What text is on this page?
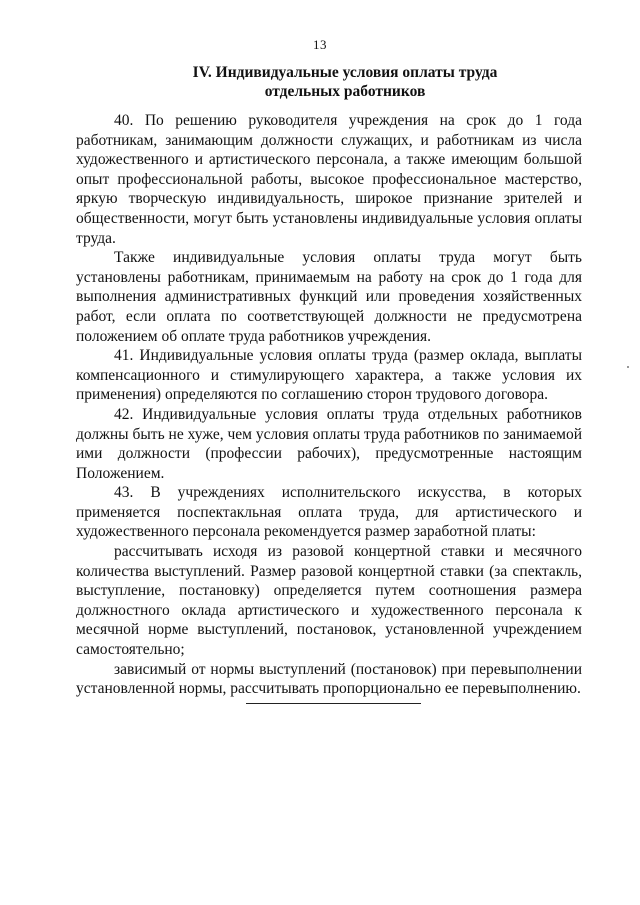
13
IV. Индивидуальные условия оплаты труда
отдельных работников

40. По решению руководителя учреждения на срок до 1 года работникам, занимающим должности служащих, и работникам из числа художественного и артистического персонала, а также имеющим большой опыт профессиональной работы, высокое профессиональное мастерство, яркую творческую индивидуальность, широкое признание зрителей и общественности, могут быть установлены индивидуальные условия оплаты труда.

Также индивидуальные условия оплаты труда могут быть установлены работникам, принимаемым на работу на срок до 1 года для выполнения административных функций или проведения хозяйственных работ, если оплата по соответствующей должности не предусмотрена положением об оплате труда работников учреждения.

41. Индивидуальные условия оплаты труда (размер оклада, выплаты компенсационного и стимулирующего характера, а также условия их применения) определяются по соглашению сторон трудового договора.

42. Индивидуальные условия оплаты труда отдельных работников должны быть не хуже, чем условия оплаты труда работников по занимаемой ими должности (профессии рабочих), предусмотренные настоящим Положением.

43. В учреждениях исполнительского искусства, в которых применяется поспектакльная оплата труда, для артистического и художественного персонала рекомендуется размер заработной платы:

рассчитывать исходя из разовой концертной ставки и месячного количества выступлений. Размер разовой концертной ставки (за спектакль, выступление, постановку) определяется путем соотношения размера должностного оклада артистического и художественного персонала к месячной норме выступлений, постановок, установленной учреждением самостоятельно;

зависимый от нормы выступлений (постановок) при перевыполнении установленной нормы, рассчитывать пропорционально ее перевыполнению.
